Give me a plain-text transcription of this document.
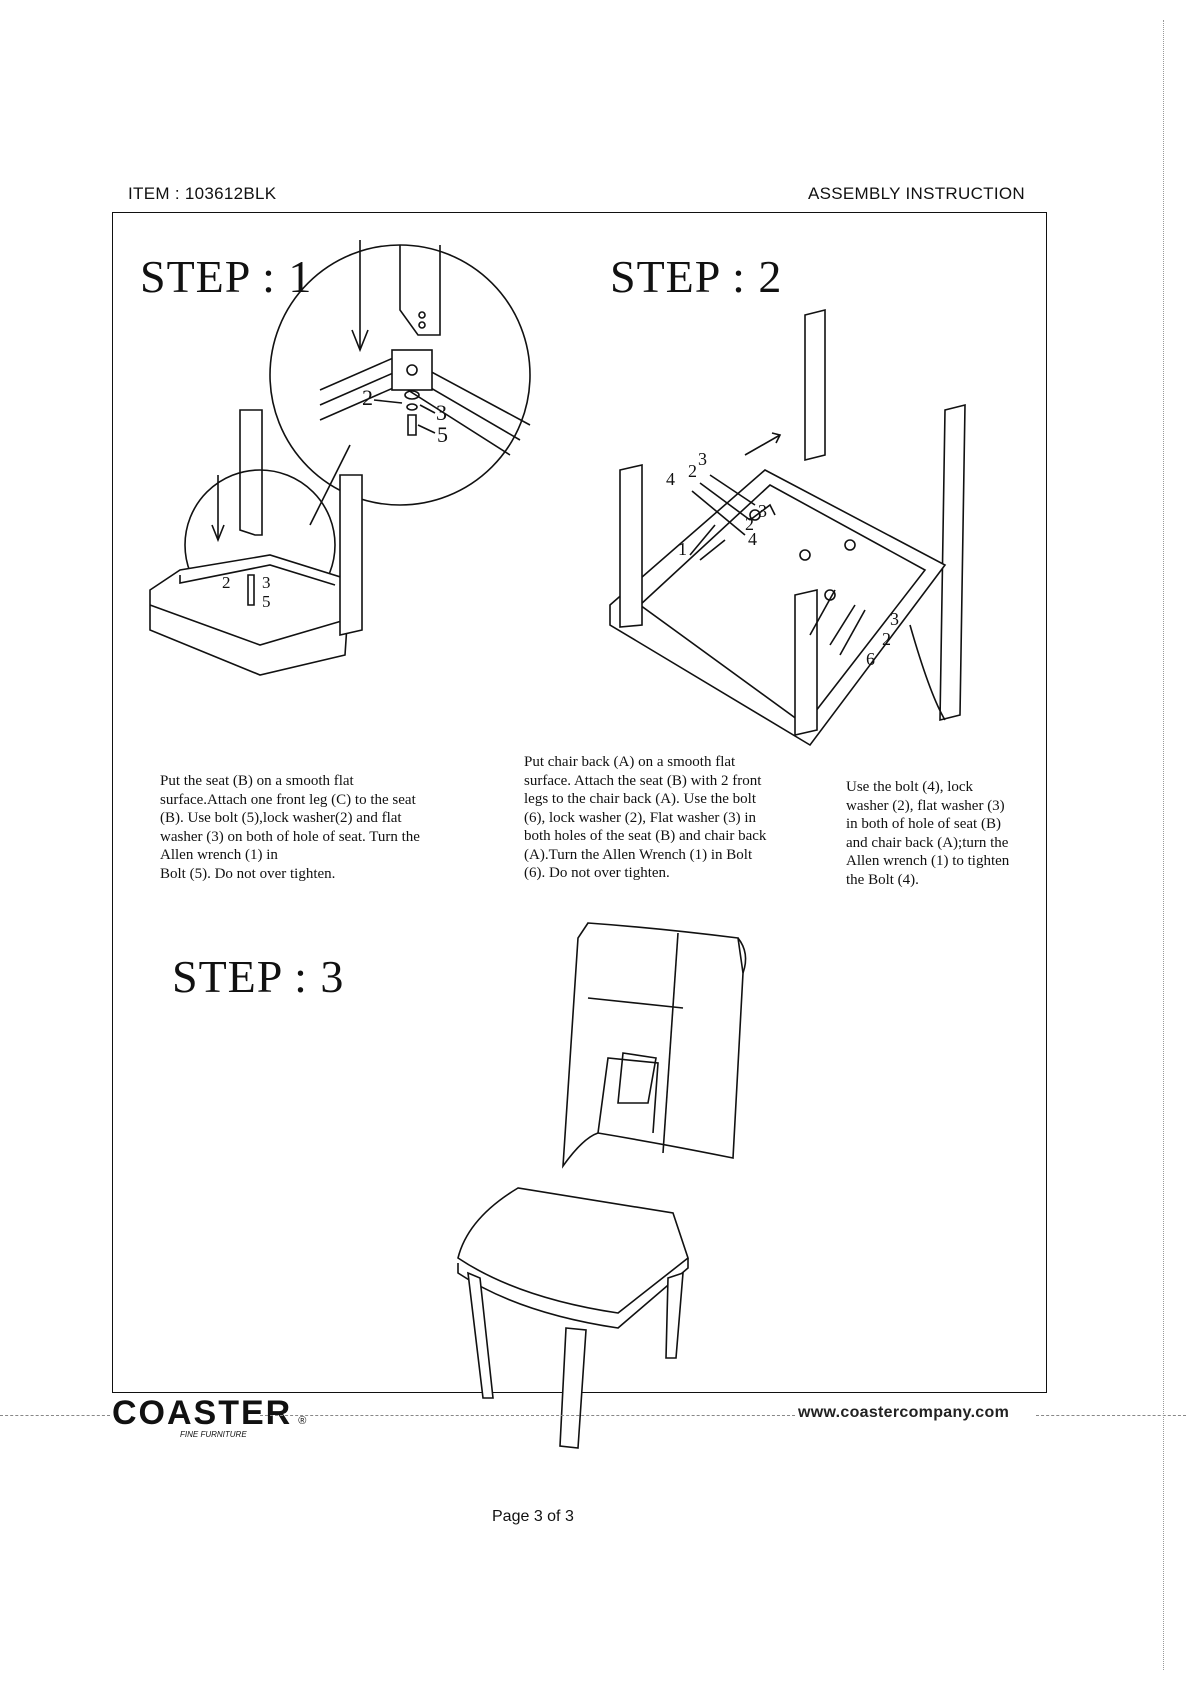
ITEM : 103612BLK	ASSEMBLY INSTRUCTION
STEP : 1
2
3
5
2 3
5
Put the seat (B) on a smooth flat
surface.Attach one front leg (C) to the seat
(B). Use bolt (5),lock washer(2) and flat
washer (3) on both of hole of seat. Turn the
Allen wrench (1) in
Bolt (5). Do not over tighten.
STEP : 2
1
4 2
3
2
3
4
3
2
6
Put chair back (A) on a smooth flat
surface. Attach the seat (B) with 2 front
legs to the chair back (A). Use the bolt
(6), lock washer (2), Flat washer (3) in
both holes of the seat (B) and chair back
(A).Turn the Allen Wrench (1) in Bolt
(6). Do not over tighten.
Use the bolt (4), lock
washer (2), flat washer (3)
in both of hole of seat (B)
and chair back (A);turn the
Allen wrench (1) to tighten
the Bolt (4).
STEP : 3
COASTER ®
FINE FURNITURE
www.coastercompany.com
Page 3 of 3
